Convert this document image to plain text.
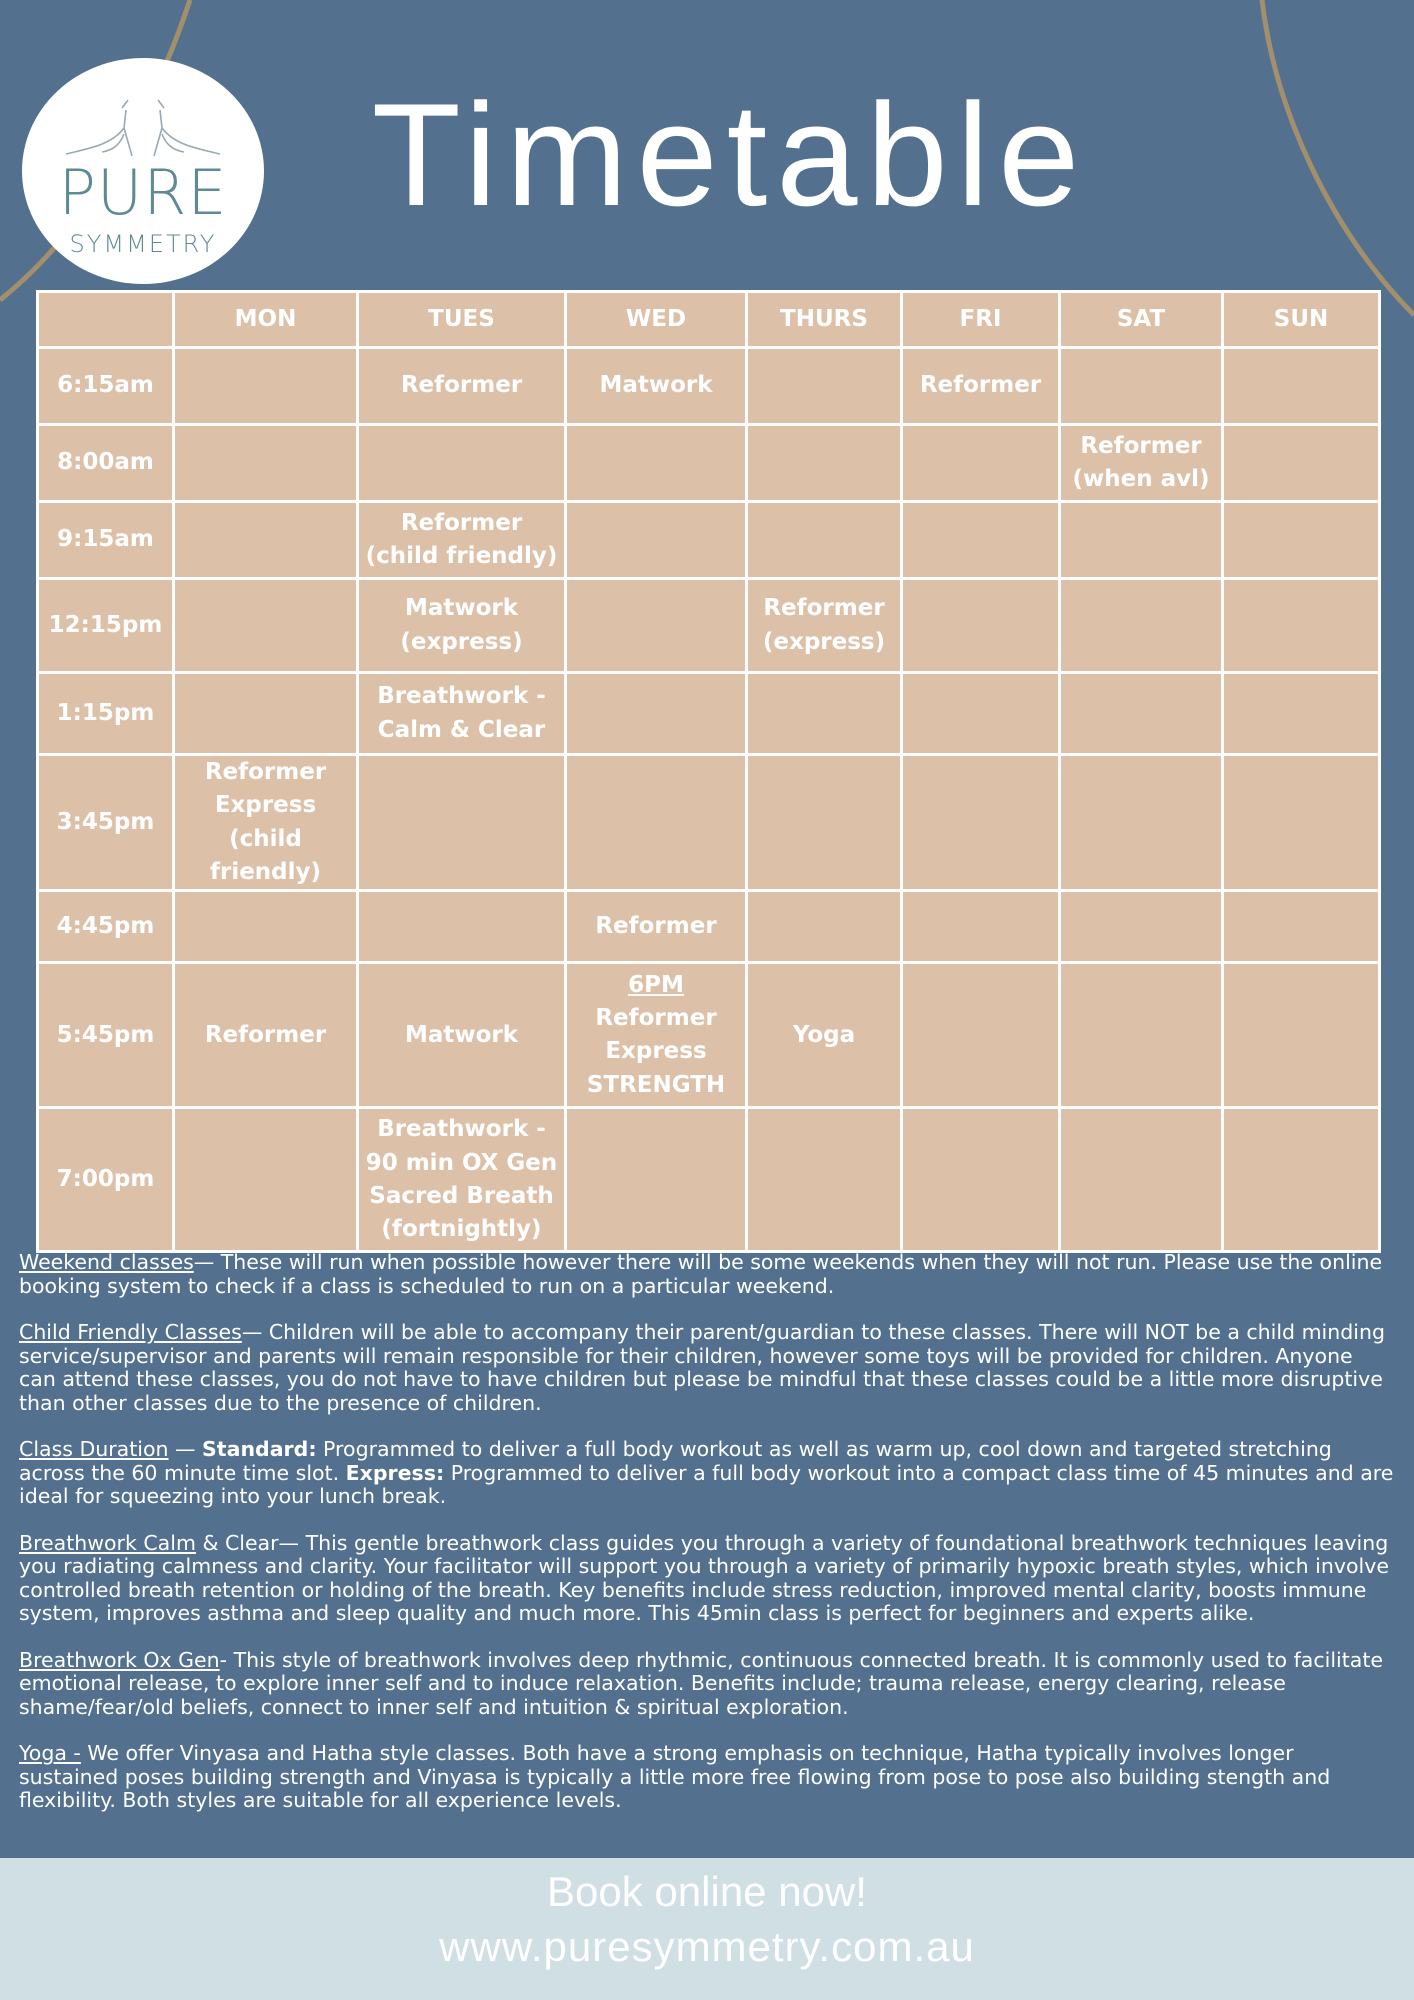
PURE
SYMMETRY
Timetable
	MON	TUES	WED	THURS	FRI	SAT	SUN
6:15am		Reformer	Matwork		Reformer		
8:00am						Reformer (when avl)	
9:15am		Reformer (child friendly)					
12:15pm		Matwork (express)		Reformer (express)			
1:15pm		Breathwork - Calm & Clear					
3:45pm	Reformer Express (child friendly)						
4:45pm			Reformer				
5:45pm	Reformer	Matwork	6PM
Reformer Express STRENGTH	Yoga			
7:00pm		Breathwork - 90 min OX Gen Sacred Breath (fortnightly)					

Weekend classes— These will run when possible however there will be some weekends when they will not run. Please use the online booking system to check if a class is scheduled to run on a particular weekend.

Child Friendly Classes— Children will be able to accompany their parent/guardian to these classes. There will NOT be a child minding service/supervisor and parents will remain responsible for their children, however some toys will be provided for children. Anyone can attend these classes, you do not have to have children but please be mindful that these classes could be a little more disruptive than other classes due to the presence of children.

Class Duration — Standard: Programmed to deliver a full body workout as well as warm up, cool down and targeted stretching across the 60 minute time slot. Express: Programmed to deliver a full body workout into a compact class time of 45 minutes and are ideal for squeezing into your lunch break.

Breathwork Calm & Clear— This gentle breathwork class guides you through a variety of foundational breathwork techniques leaving you radiating calmness and clarity. Your facilitator will support you through a variety of primarily hypoxic breath styles, which involve controlled breath retention or holding of the breath. Key benefits include stress reduction, improved mental clarity, boosts immune system, improves asthma and sleep quality and much more. This 45min class is perfect for beginners and experts alike.

Breathwork Ox Gen- This style of breathwork involves deep rhythmic, continuous connected breath. It is commonly used to facilitate emotional release, to explore inner self and to induce relaxation. Benefits include; trauma release, energy clearing, release shame/fear/old beliefs, connect to inner self and intuition & spiritual exploration.

Yoga - We offer Vinyasa and Hatha style classes. Both have a strong emphasis on technique, Hatha typically involves longer sustained poses building strength and Vinyasa is typically a little more free flowing from pose to pose also building stength and flexibility. Both styles are suitable for all experience levels.

Book online now!
www.puresymmetry.com.au
